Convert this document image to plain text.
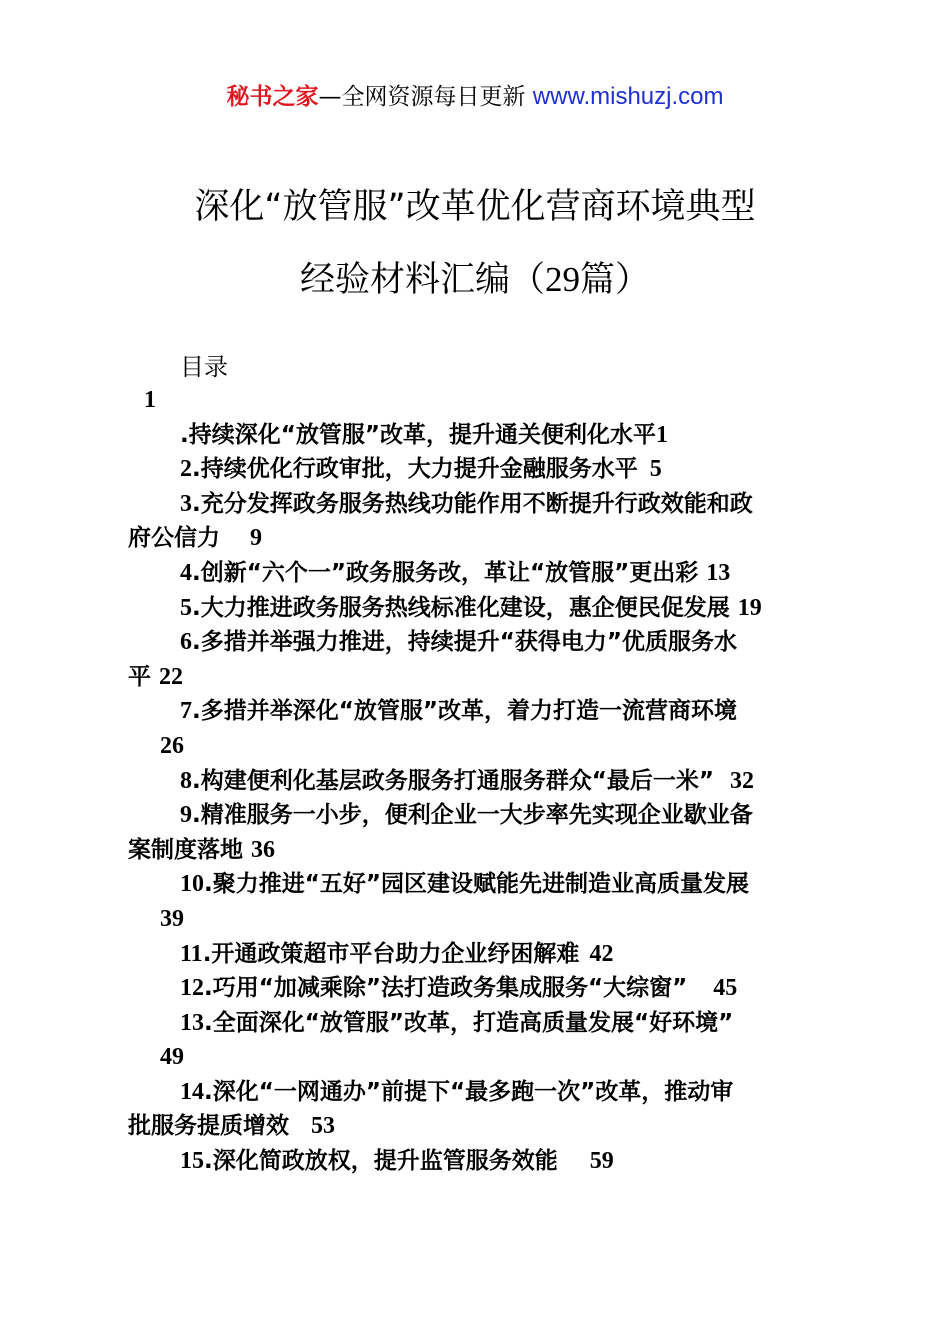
秘书之家—全网资源每日更新 www.mishuzj.com
深化“放管服”改革优化营商环境典型
经验材料汇编（29篇）
目录
1
.持续深化“放管服”改革，提升通关便利化水平1
2.持续优化行政审批，大力提升金融服务水平 5
3.充分发挥政务服务热线功能作用不断提升行政效能和政
府公信力 9
4.创新“六个一”政务服务改，革让“放管服”更出彩 13
5.大力推进政务服务热线标准化建设，惠企便民促发展 19
6.多措并举强力推进，持续提升“获得电力”优质服务水
平 22
7.多措并举深化“放管服”改革，着力打造一流营商环境
26
8.构建便利化基层政务服务打通服务群众“最后一米” 32
9.精准服务一小步，便利企业一大步率先实现企业歇业备
案制度落地 36
10.聚力推进“五好”园区建设赋能先进制造业高质量发展
39
11.开通政策超市平台助力企业纾困解难 42
12.巧用“加减乘除”法打造政务集成服务“大综窗” 45
13.全面深化“放管服”改革，打造高质量发展“好环境”
49
14.深化“一网通办”前提下“最多跑一次”改革，推动审
批服务提质增效 53
15.深化简政放权，提升监管服务效能 59
